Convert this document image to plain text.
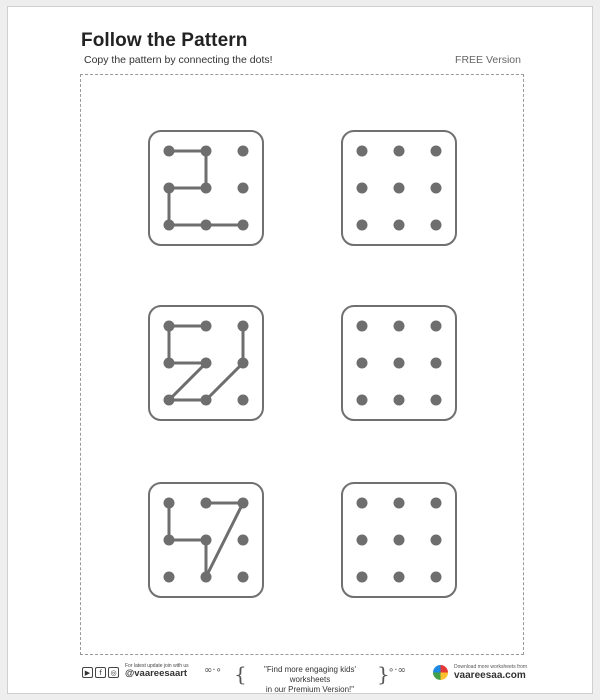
Follow the Pattern
Copy the pattern by connecting the dots!	FREE Version
▶	f	◎
For latest update join with us
@vaareesaart ∞·∘ {	"Find more engaging kids' worksheets
in our Premium Version!"
}
∘·∞	Download more worksheets from
vaareesaa.com
